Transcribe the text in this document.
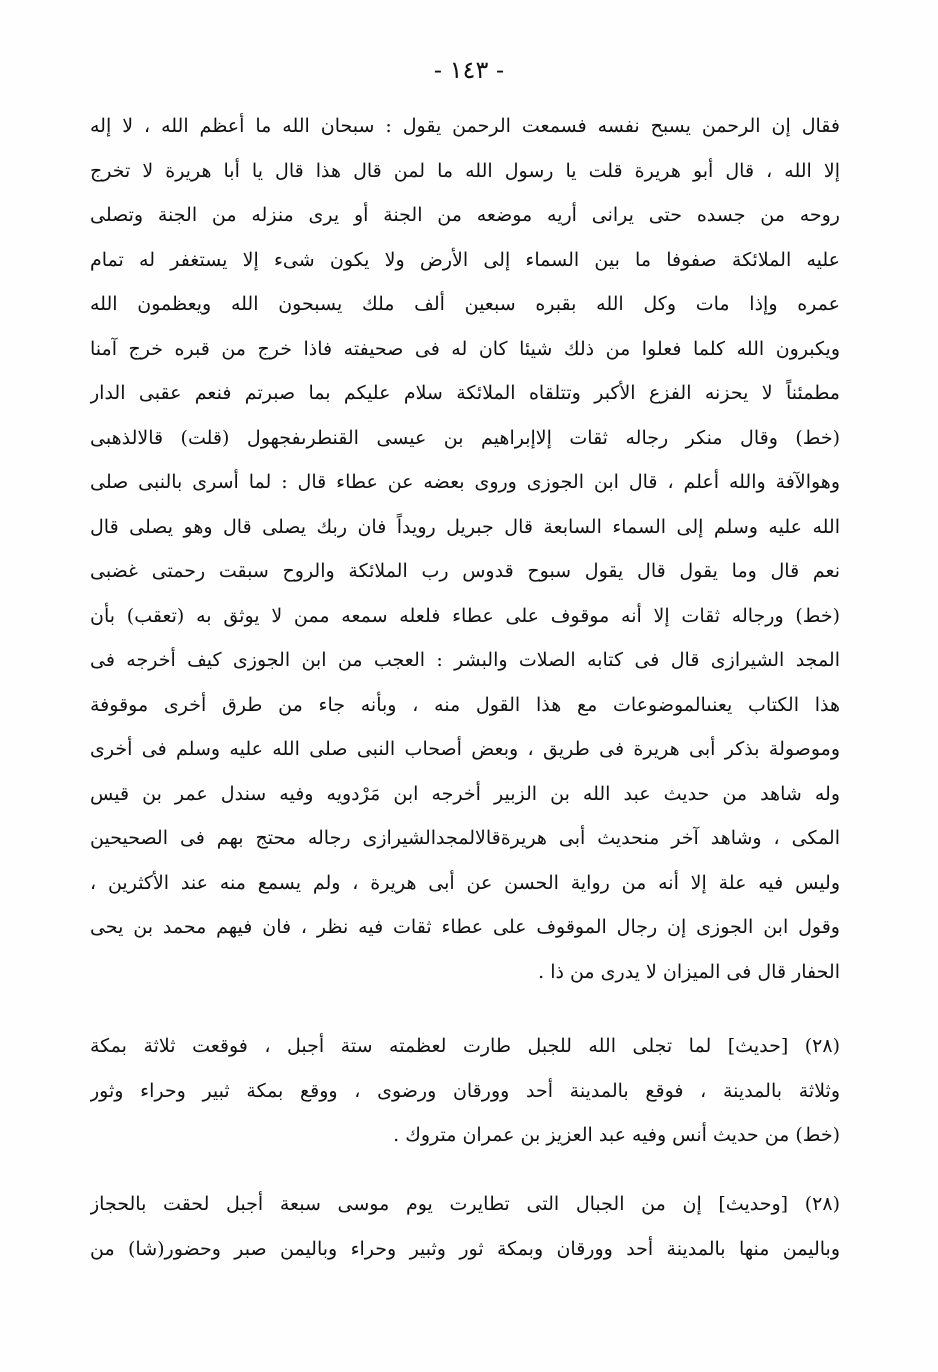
- ١٤٣ -
فقال إن الرحمن يسبح نفسه فسمعت الرحمن يقول : سبحان الله ما أعظم الله ، لا إله
إلا الله ، قال أبو هريرة قلت يا رسول الله ما لمن قال هذا قال يا أبا هريرة لا تخرج
روحه من جسده حتى يرانى أريه موضعه من الجنة أو يرى منزله من الجنة وتصلى
عليه الملائكة صفوفا ما بين السماء إلى الأرض ولا يكون شىء إلا يستغفر له تمام
عمره وإذا مات وكل الله بقبره سبعين ألف ملك يسبحون الله ويعظمون الله
ويكبرون الله كلما فعلوا من ذلك شيئا كان له فى صحيفته فاذا خرج من قبره خرج آمنا
مطمئناً لا يحزنه الفزع الأكبر وتتلقاه الملائكة سلام عليكم بما صبرتم فنعم عقبى الدار
(خط) وقال منكر رجاله ثقات إلاإبراهيم بن عيسى القنطرىفجهول (قلت) قالالذهبى
وهوالآفة والله أعلم ، قال ابن الجوزى وروى بعضه عن عطاء قال : لما أسرى بالنبى صلى
الله عليه وسلم إلى السماء السابعة قال جبريل رويداً فان ربك يصلى قال وهو يصلى قال
نعم قال وما يقول قال يقول سبوح قدوس رب الملائكة والروح سبقت رحمتى غضبى
(خط) ورجاله ثقات إلا أنه موقوف على عطاء فلعله سمعه ممن لا يوثق به (تعقب) بأن
المجد الشيرازى قال فى كتابه الصلات والبشر : العجب من ابن الجوزى كيف أخرجه فى
هذا الكتاب يعنىالموضوعات مع هذا القول منه ، وبأنه جاء من طرق أخرى موقوفة
وموصولة بذكر أبى هريرة فى طريق ، وبعض أصحاب النبى صلى الله عليه وسلم فى أخرى
وله شاهد من حديث عبد الله بن الزبير أخرجه ابن مَرْدويه وفيه سندل عمر بن قيس
المكى ، وشاهد آخر منحديث أبى هريرةقالالمجدالشيرازى رجاله محتج بهم فى الصحيحين
وليس فيه علة إلا أنه من رواية الحسن عن أبى هريرة ، ولم يسمع منه عند الأكثرين ،
وقول ابن الجوزى إن رجال الموقوف على عطاء ثقات فيه نظر ، فان فيهم محمد بن يحى
الحفار قال فى الميزان لا يدرى من ذا .
(٢٨) [حديث] لما تجلى الله للجبل طارت لعظمته ستة أجبل ، فوقعت ثلاثة بمكة
وثلاثة بالمدينة ، فوقع بالمدينة أحد وورقان ورضوى ، ووقع بمكة ثبير وحراء وثور
(خط) من حديث أنس وفيه عبد العزيز بن عمران متروك .
(٢٨) [وحديث] إن من الجبال التى تطايرت يوم موسى سبعة أجبل لحقت بالحجاز
وباليمن منها بالمدينة أحد وورقان وبمكة ثور وثبير وحراء وباليمن صبر وحضور(شا) من
